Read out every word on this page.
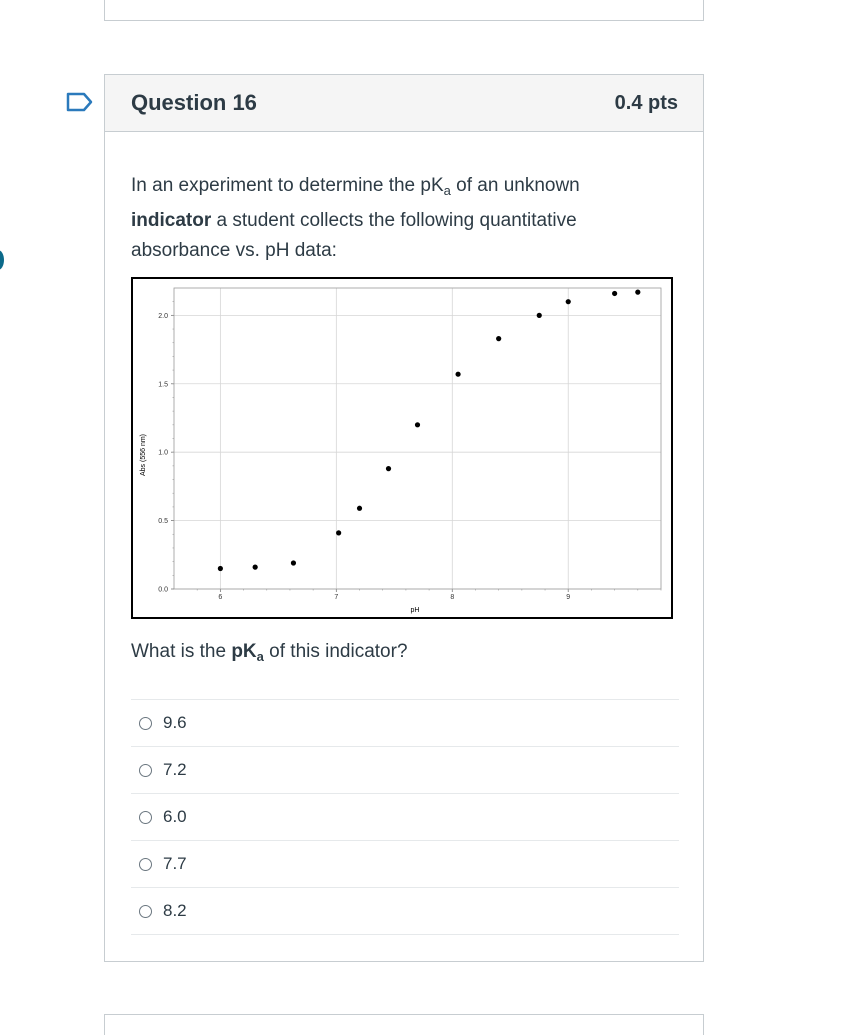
Question 16	0.4 pts
In an experiment to determine the $pK_a$ of an unknown indicator a student collects the following quantitative absorbance vs. pH data:
0.0
0.5
1.0
1.5
2.0
6	7	8	9
pH
Abs (556 nm)
What is the $pK_a$ of this indicator?
9.6
7.2
6.0
7.7
8.2
